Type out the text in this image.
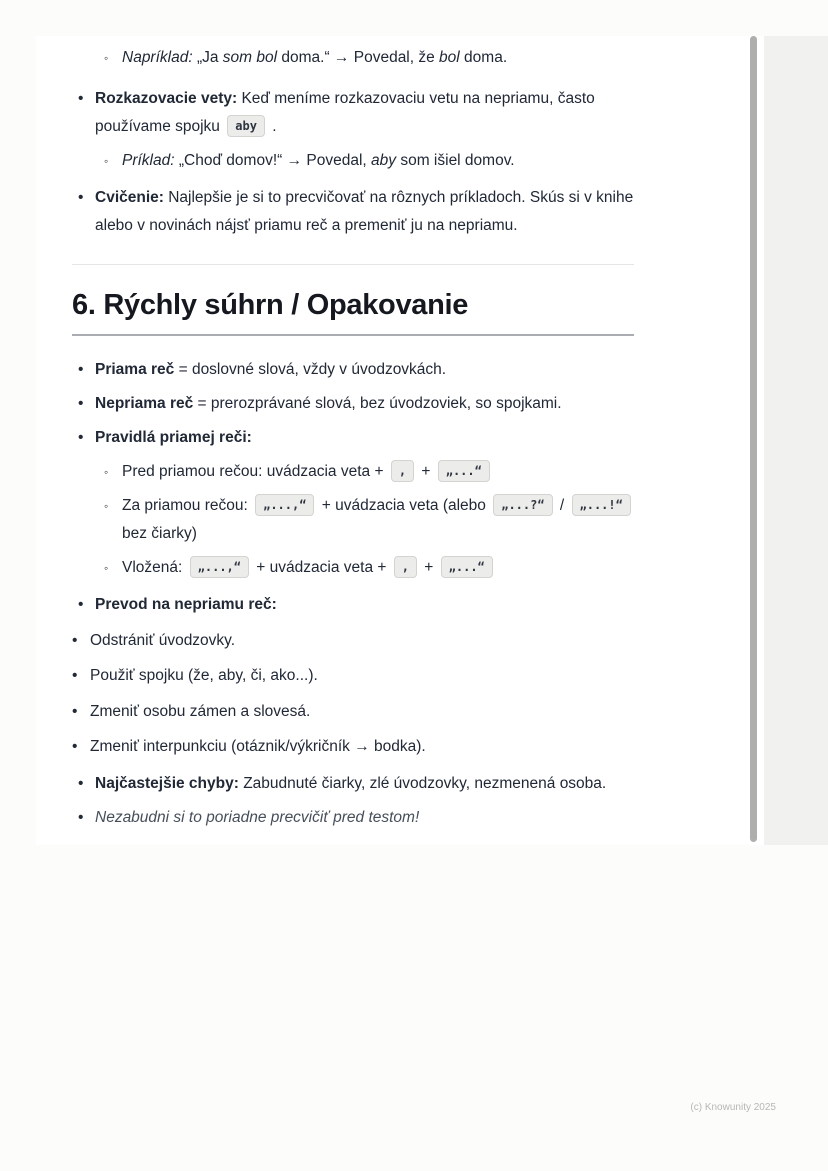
◦ Napríklad: „Ja som bol doma.“ → Povedal, že bol doma.
• Rozkazovacie vety: Keď meníme rozkazovaciu vetu na nepriamu, často používame spojku aby .
◦ Príklad: „Choď domov!“ → Povedal, aby som išiel domov.
• Cvičenie: Najlepšie je si to precvičovať na rôznych príkladoch. Skús si v knihe alebo v novinách nájsť priamu reč a premeniť ju na nepriamu.
6. Rýchly súhrn / Opakovanie
• Priama reč = doslovné slová, vždy v úvodzovkách.
• Nepriama reč = prerozprávané slová, bez úvodzoviek, so spojkami.
• Pravidlá priamej reči:
◦ Pred priamou rečou: uvádzacia veta + , + „...“
◦ Za priamou rečou: „...,“ + uvádzacia veta (alebo „...?“ / „...!“ bez čiarky)
◦ Vložená: „...,“ + uvádzacia veta + , + „...“
• Prevod na nepriamu reč:
• Odstrániť úvodzovky.
• Použiť spojku (že, aby, či, ako...).
• Zmeniť osobu zámen a slovesá.
• Zmeniť interpunkciu (otáznik/výkričník → bodka).
• Najčastejšie chyby: Zabudnuté čiarky, zlé úvodzovky, nezmenená osoba.
• Nezabudni si to poriadne precvičiť pred testom!
(c) Knowunity 2025
